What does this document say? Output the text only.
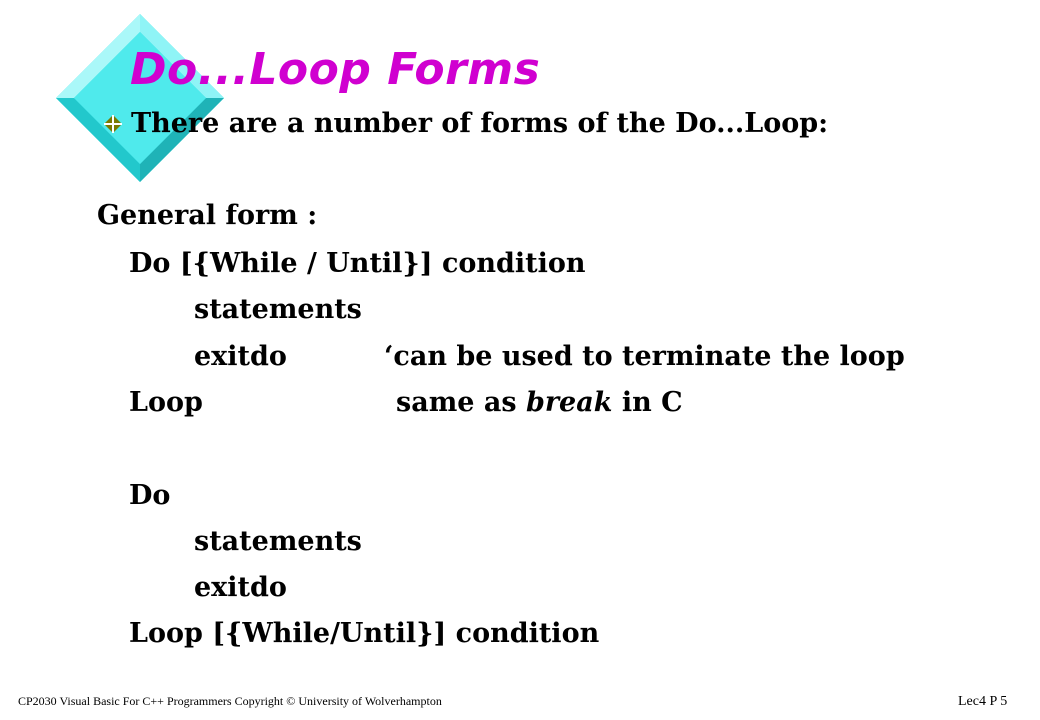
Do...Loop Forms
There are a number of forms of the Do...Loop:
General form :
Do [{While / Until}] condition
statements
exitdo	‘can be used to terminate the loop
Loop	same as break in C
Do
statements
exitdo
Loop [{While/Until}] condition
CP2030 Visual Basic For C++ Programmers Copyright © University of Wolverhampton	Lec4 P 5
